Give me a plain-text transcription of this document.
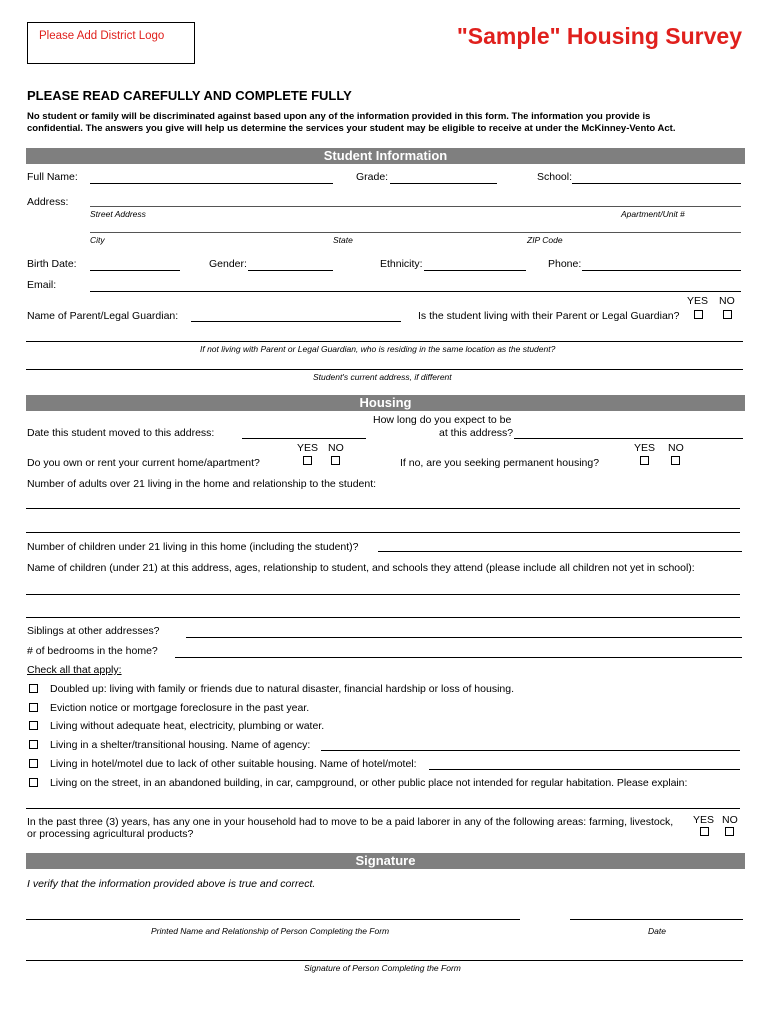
Please Add District Logo	"Sample" Housing Survey
PLEASE READ CAREFULLY AND COMPLETE FULLY
No student or family will be discriminated against based upon any of the information provided in this form. The information you provide is
confidential. The answers you give will help us determine the services your student may be eligible to receive at under the McKinney-Vento Act.
Student Information
Full Name:	Grade:	School:
Address:
Street Address	Apartment/Unit #
City	State	ZIP Code
Birth Date:	Gender:	Ethnicity:	Phone:
Email:
YES NO
Name of Parent/Legal Guardian:	Is the student living with their Parent or Legal Guardian?
If not living with Parent or Legal Guardian, who is residing in the same location as the student?
Student's current address, if different
Housing
How long do you expect to be
at this address?
Date this student moved to this address:
YES NO	YES NO
Do you own or rent your current home/apartment?	If no, are you seeking permanent housing?
Number of adults over 21 living in the home and relationship to the student:
Number of children under 21 living in this home (including the student)?
Name of children (under 21) at this address, ages, relationship to student, and schools they attend (please include all children not yet in school):
Siblings at other addresses?
# of bedrooms in the home?
Check all that apply:
Doubled up: living with family or friends due to natural disaster, financial hardship or loss of housing.
Eviction notice or mortgage foreclosure in the past year.
Living without adequate heat, electricity, plumbing or water.
Living in a shelter/transitional housing. Name of agency:
Living in hotel/motel due to lack of other suitable housing. Name of hotel/motel:
Living on the street, in an abandoned building, in car, campground, or other public place not intended for regular habitation. Please explain:
In the past three (3) years, has any one in your household had to move to be a paid laborer in any of the following areas: farming, livestock,
or processing agricultural products?
YES NO
Signature
I verify that the information provided above is true and correct.
Printed Name and Relationship of Person Completing the Form	Date
Signature of Person Completing the Form
